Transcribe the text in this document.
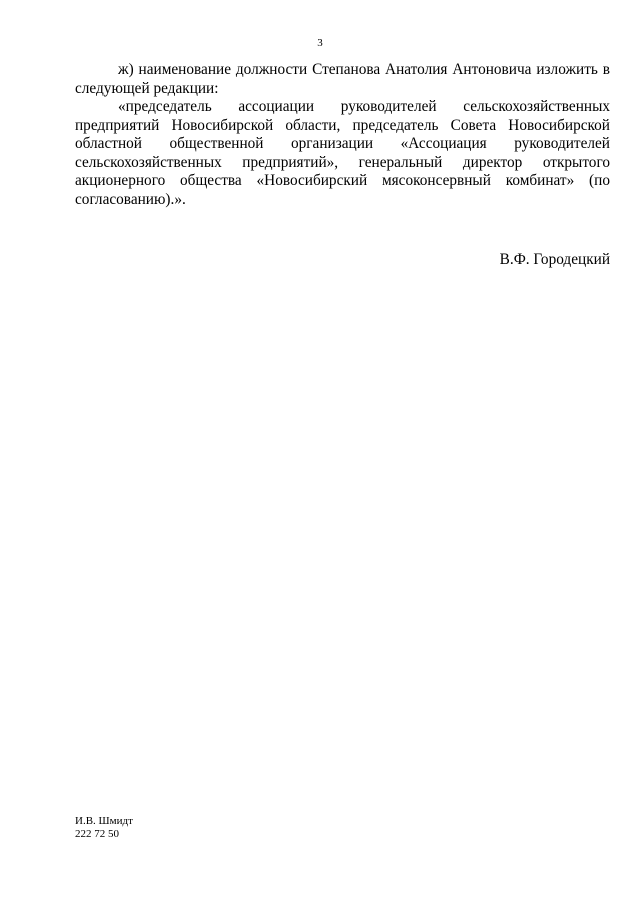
3

ж) наименование должности Степанова Анатолия Антоновича изложить в следующей редакции:

«председатель ассоциации руководителей сельскохозяйственных предприятий Новосибирской области, председатель Совета Новосибирской областной общественной организации «Ассоциация руководителей сельскохозяйственных предприятий», генеральный директор открытого акционерного общества «Новосибирский мясоконсервный комбинат» (по согласованию).».

В.Ф. Городецкий
И.В. Шмидт
222 72 50
